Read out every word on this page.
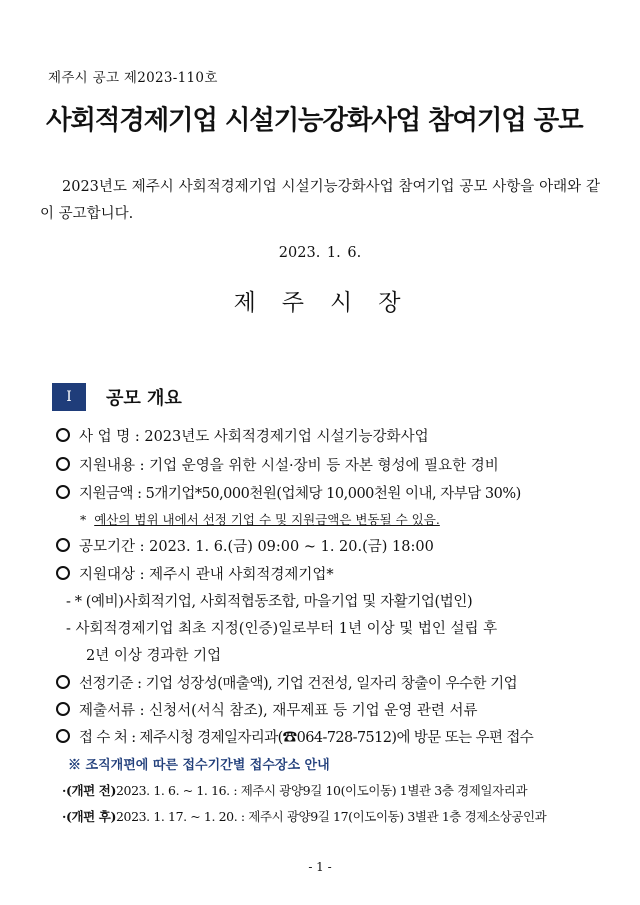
제주시 공고 제2023-110호
사회적경제기업 시설기능강화사업 참여기업 공모
2023년도 제주시 사회적경제기업 시설기능강화사업 참여기업 공모 사항을 아래와 같이 공고합니다.
2023. 1. 6.
제주시장
Ⅰ	공모 개요
사 업 명 : 2023년도 사회적경제기업 시설기능강화사업
지원내용 : 기업 운영을 위한 시설·장비 등 자본 형성에 필요한 경비
지원금액 : 5개기업*50,000천원(업체당 10,000천원 이내, 자부담 30%)
* 예산의 범위 내에서 선정 기업 수 및 지원금액은 변동될 수 있음.
공모기간 : 2023. 1. 6.(금) 09:00 ~ 1. 20.(금) 18:00
지원대상 : 제주시 관내 사회적경제기업*
- * (예비)사회적기업, 사회적협동조합, 마을기업 및 자활기업(법인)
- 사회적경제기업 최초 지정(인증)일로부터 1년 이상 및 법인 설립 후
2년 이상 경과한 기업
선정기준 : 기업 성장성(매출액), 기업 건전성, 일자리 창출이 우수한 기업
제출서류 : 신청서(서식 참조), 재무제표 등 기업 운영 관련 서류
접 수 처 : 제주시청 경제일자리과(☎064-728-7512)에 방문 또는 우편 접수
※ 조직개편에 따른 접수기간별 접수장소 안내
·(개편 전)2023. 1. 6. ~ 1. 16. : 제주시 광양9길 10(이도이동) 1별관 3층 경제일자리과
·(개편 후)2023. 1. 17. ~ 1. 20. : 제주시 광양9길 17(이도이동) 3별관 1층 경제소상공인과
- 1 -
